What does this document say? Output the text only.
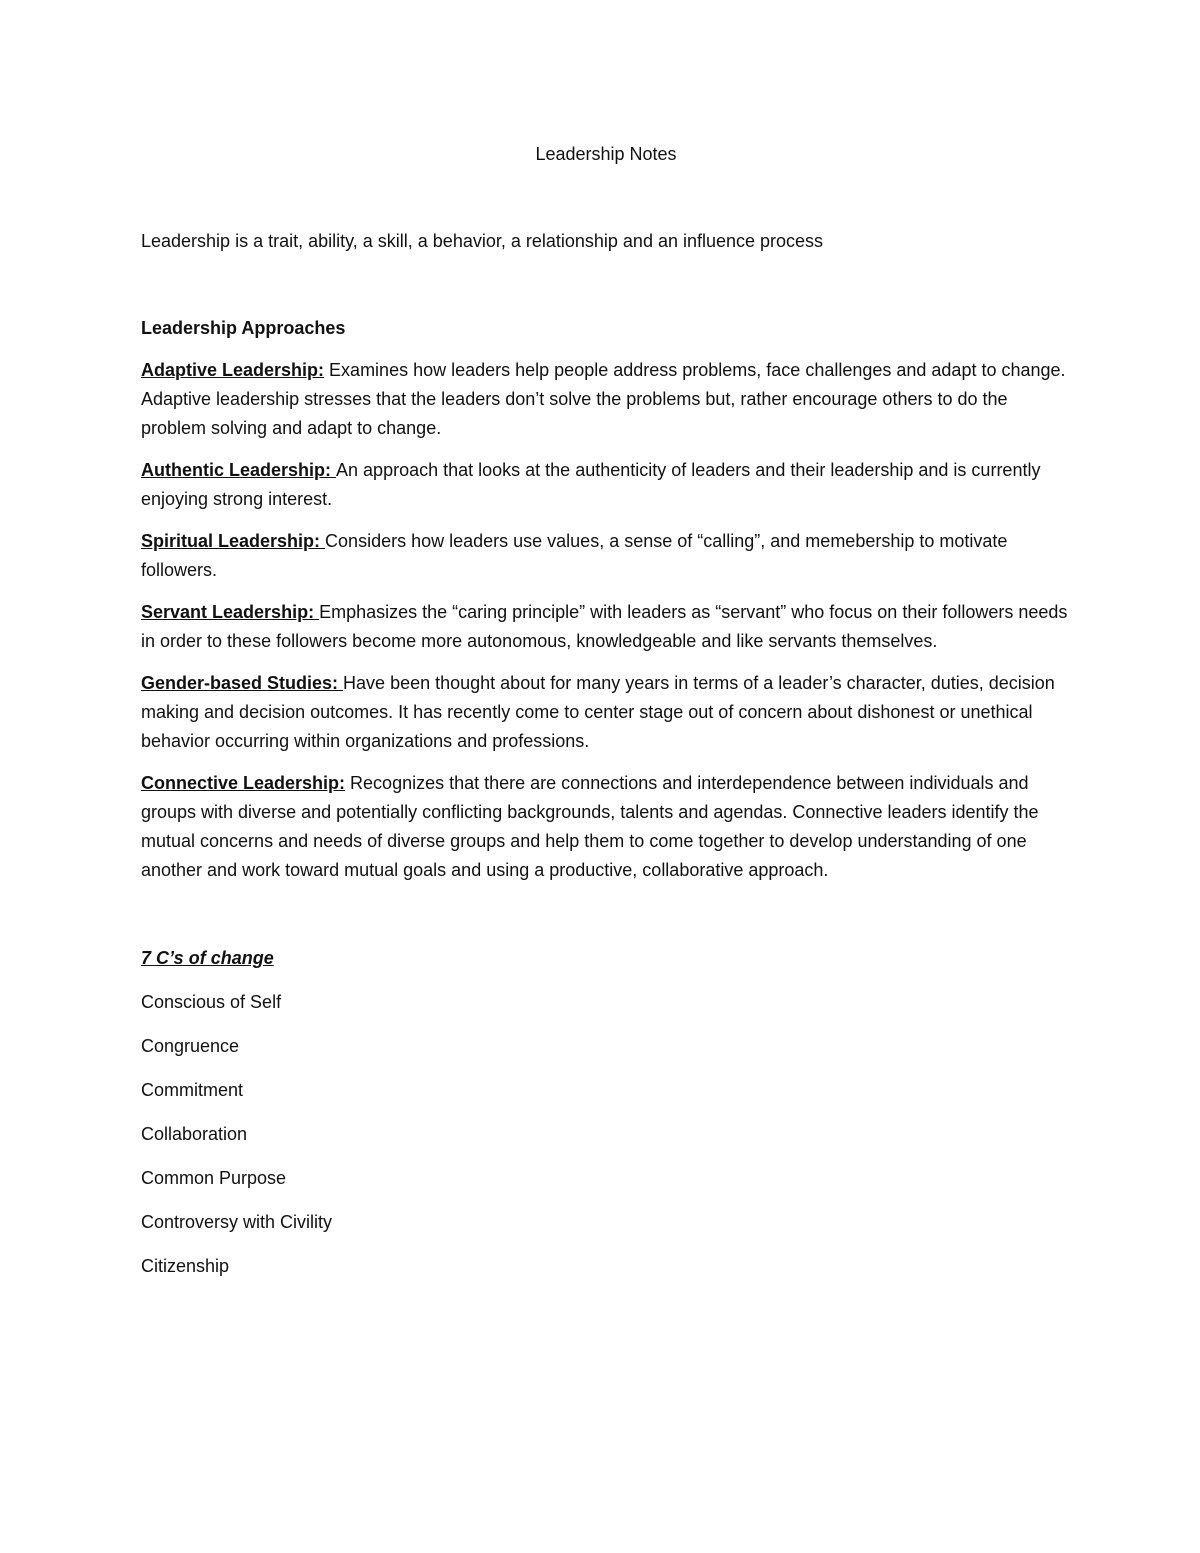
Leadership Notes

Leadership is a trait, ability, a skill, a behavior, a relationship and an influence process

Leadership Approaches

Adaptive Leadership: Examines how leaders help people address problems, face challenges and adapt to change. Adaptive leadership stresses that the leaders don’t solve the problems but, rather encourage others to do the problem solving and adapt to change.

Authentic Leadership: An approach that looks at the authenticity of leaders and their leadership and is currently enjoying strong interest.

Spiritual Leadership: Considers how leaders use values, a sense of “calling”, and memebership to motivate followers.

Servant Leadership: Emphasizes the “caring principle” with leaders as “servant” who focus on their followers needs in order to these followers become more autonomous, knowledgeable and like servants themselves.

Gender-based Studies: Have been thought about for many years in terms of a leader’s character, duties, decision making and decision outcomes. It has recently come to center stage out of concern about dishonest or unethical behavior occurring within organizations and professions.

Connective Leadership: Recognizes that there are connections and interdependence between individuals and groups with diverse and potentially conflicting backgrounds, talents and agendas. Connective leaders identify the mutual concerns and needs of diverse groups and help them to come together to develop understanding of one another and work toward mutual goals and using a productive, collaborative approach.

7 C’s of change

Conscious of Self
Congruence
Commitment
Collaboration
Common Purpose
Controversy with Civility
Citizenship
